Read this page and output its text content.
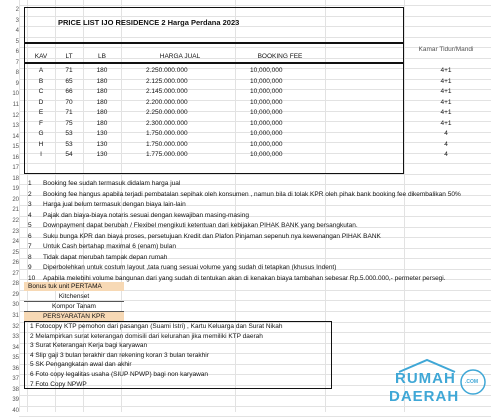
2
3
4
5
6
7
8
9
10
11
12
13
14
15
16
17
18
19
20
21
22
23
24
25
26
27
28
29
30
31
32
33
34
35
36
37
38
39
40
PRICE LIST IJO RESIDENCE 2 Harga Perdana 2023
KAV	LT	LB	HARGA JUAL	BOOKING FEE
Kamar Tidur/Mandi
A	71	180	2.250.000.000	10,000,000	4+1
B	65	180	2.125.000.000	10,000,000	4+1
C	66	180	2.145.000.000	10,000,000	4+1
D	70	180	2.200.000.000	10,000,000	4+1
E	71	180	2.250.000.000	10,000,000	4+1
F	75	180	2.300.000.000	10,000,000	4+1
G	53	130	1.750.000.000	10,000,000	4
H	53	130	1.750.000.000	10,000,000	4
I	54	130	1.775.000.000	10,000,000	4
1 Booking fee sudah termasuk didalam harga jual
2 Booking fee hangus apabila terjadi pembatalan sepihak oleh konsumen , namun bila di tolak KPR oleh pihak bank booking fee dikembalikan 50%
3 Harga jual belum termasuk dengan biaya lain-lain
4 Pajak dan biaya-biaya notaris sesuai dengan kewajiban masing-masing
5 Downpayment dapat berubah / Flexibel mengikuti ketentuan dari kebijakan PIHAK BANK yang bersangkutan.
6 Suku bunga KPR dan biaya proses, persetujuan Kredit dan Plafon Pinjaman sepenuh nya kewenangan PIHAK BANK
7 Untuk Cash bertahap maximal 6 (enam) bulan
8 Tidak dapat merubah tampak depan rumah
9 Diperbolehkan untuk costum layout ,tata ruang sesuai volume yang sudah di tetapkan (khusus Indent)
10 Apabila melebihi volume bangunan dari yang sudah di tentukan akan di kenakan biaya tambahan sebesar Rp.5.000.000,- permeter persegi.
Bonus tuk unit PERTAMA
Kitchenset
Kompor Tanam
PERSYARATAN KPR
1 Fotocopy KTP pemohon dari pasangan (Suami Istri) , Kartu Keluarga dan Surat Nikah
2 Melampirkan surat keterangan domisili dari kelurahan jika memiliki KTP daerah
3 Surat Keterangan Kerja bagi karyawan
4 Slip gaji 3 bulan terakhir dan rekening koran 3 bulan terakhir
5 SK Pengangkatan awal dan akhir
6 Foto copy legalitas usaha (SIUP NPWP) bagi non karyawan
7 Foto Copy NPWP	RUMAH
DAERAH
.COM
